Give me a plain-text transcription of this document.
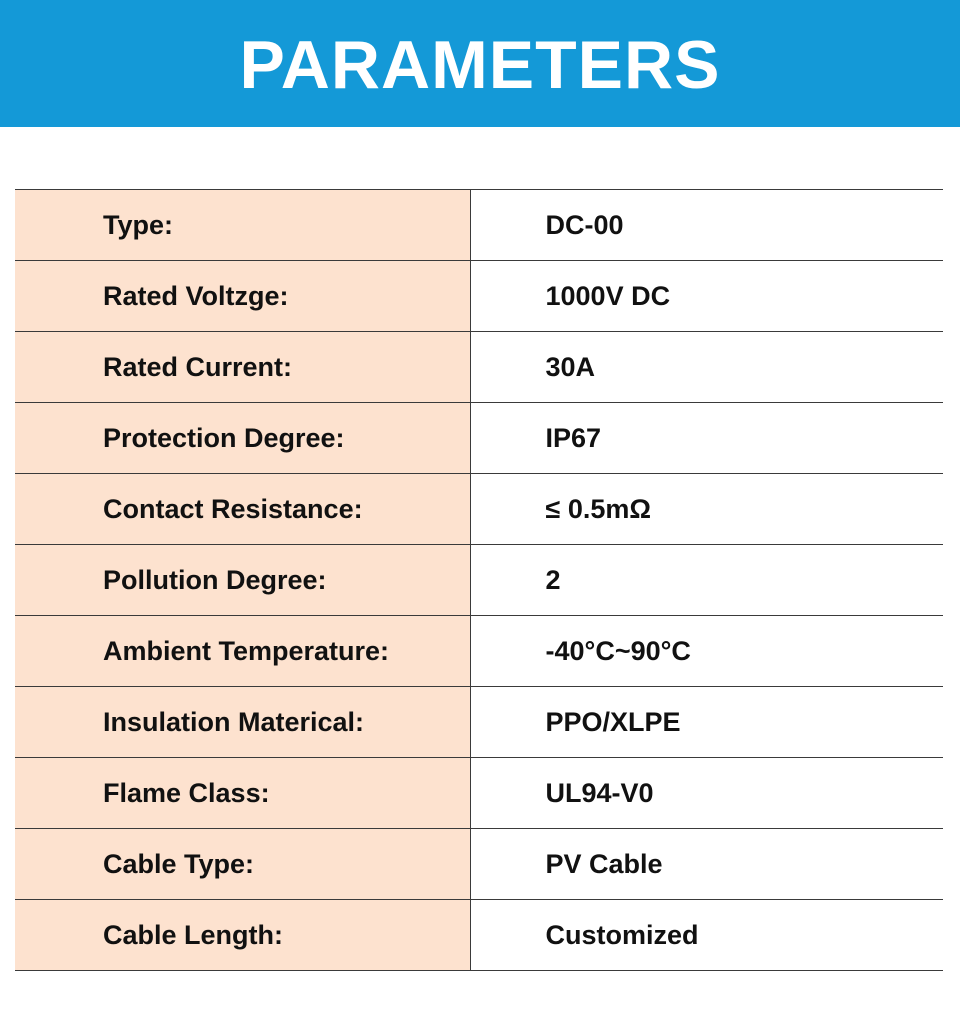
PARAMETERS
Type:	DC-00
Rated Voltzge:	1000V DC
Rated Current:	30A
Protection Degree:	IP67
Contact Resistance:	≤ 0.5mΩ
Pollution Degree:	2
Ambient Temperature:	-40°C~90°C
Insulation Materical:	PPO/XLPE
Flame Class:	UL94-V0
Cable Type:	PV Cable
Cable Length:	Customized
